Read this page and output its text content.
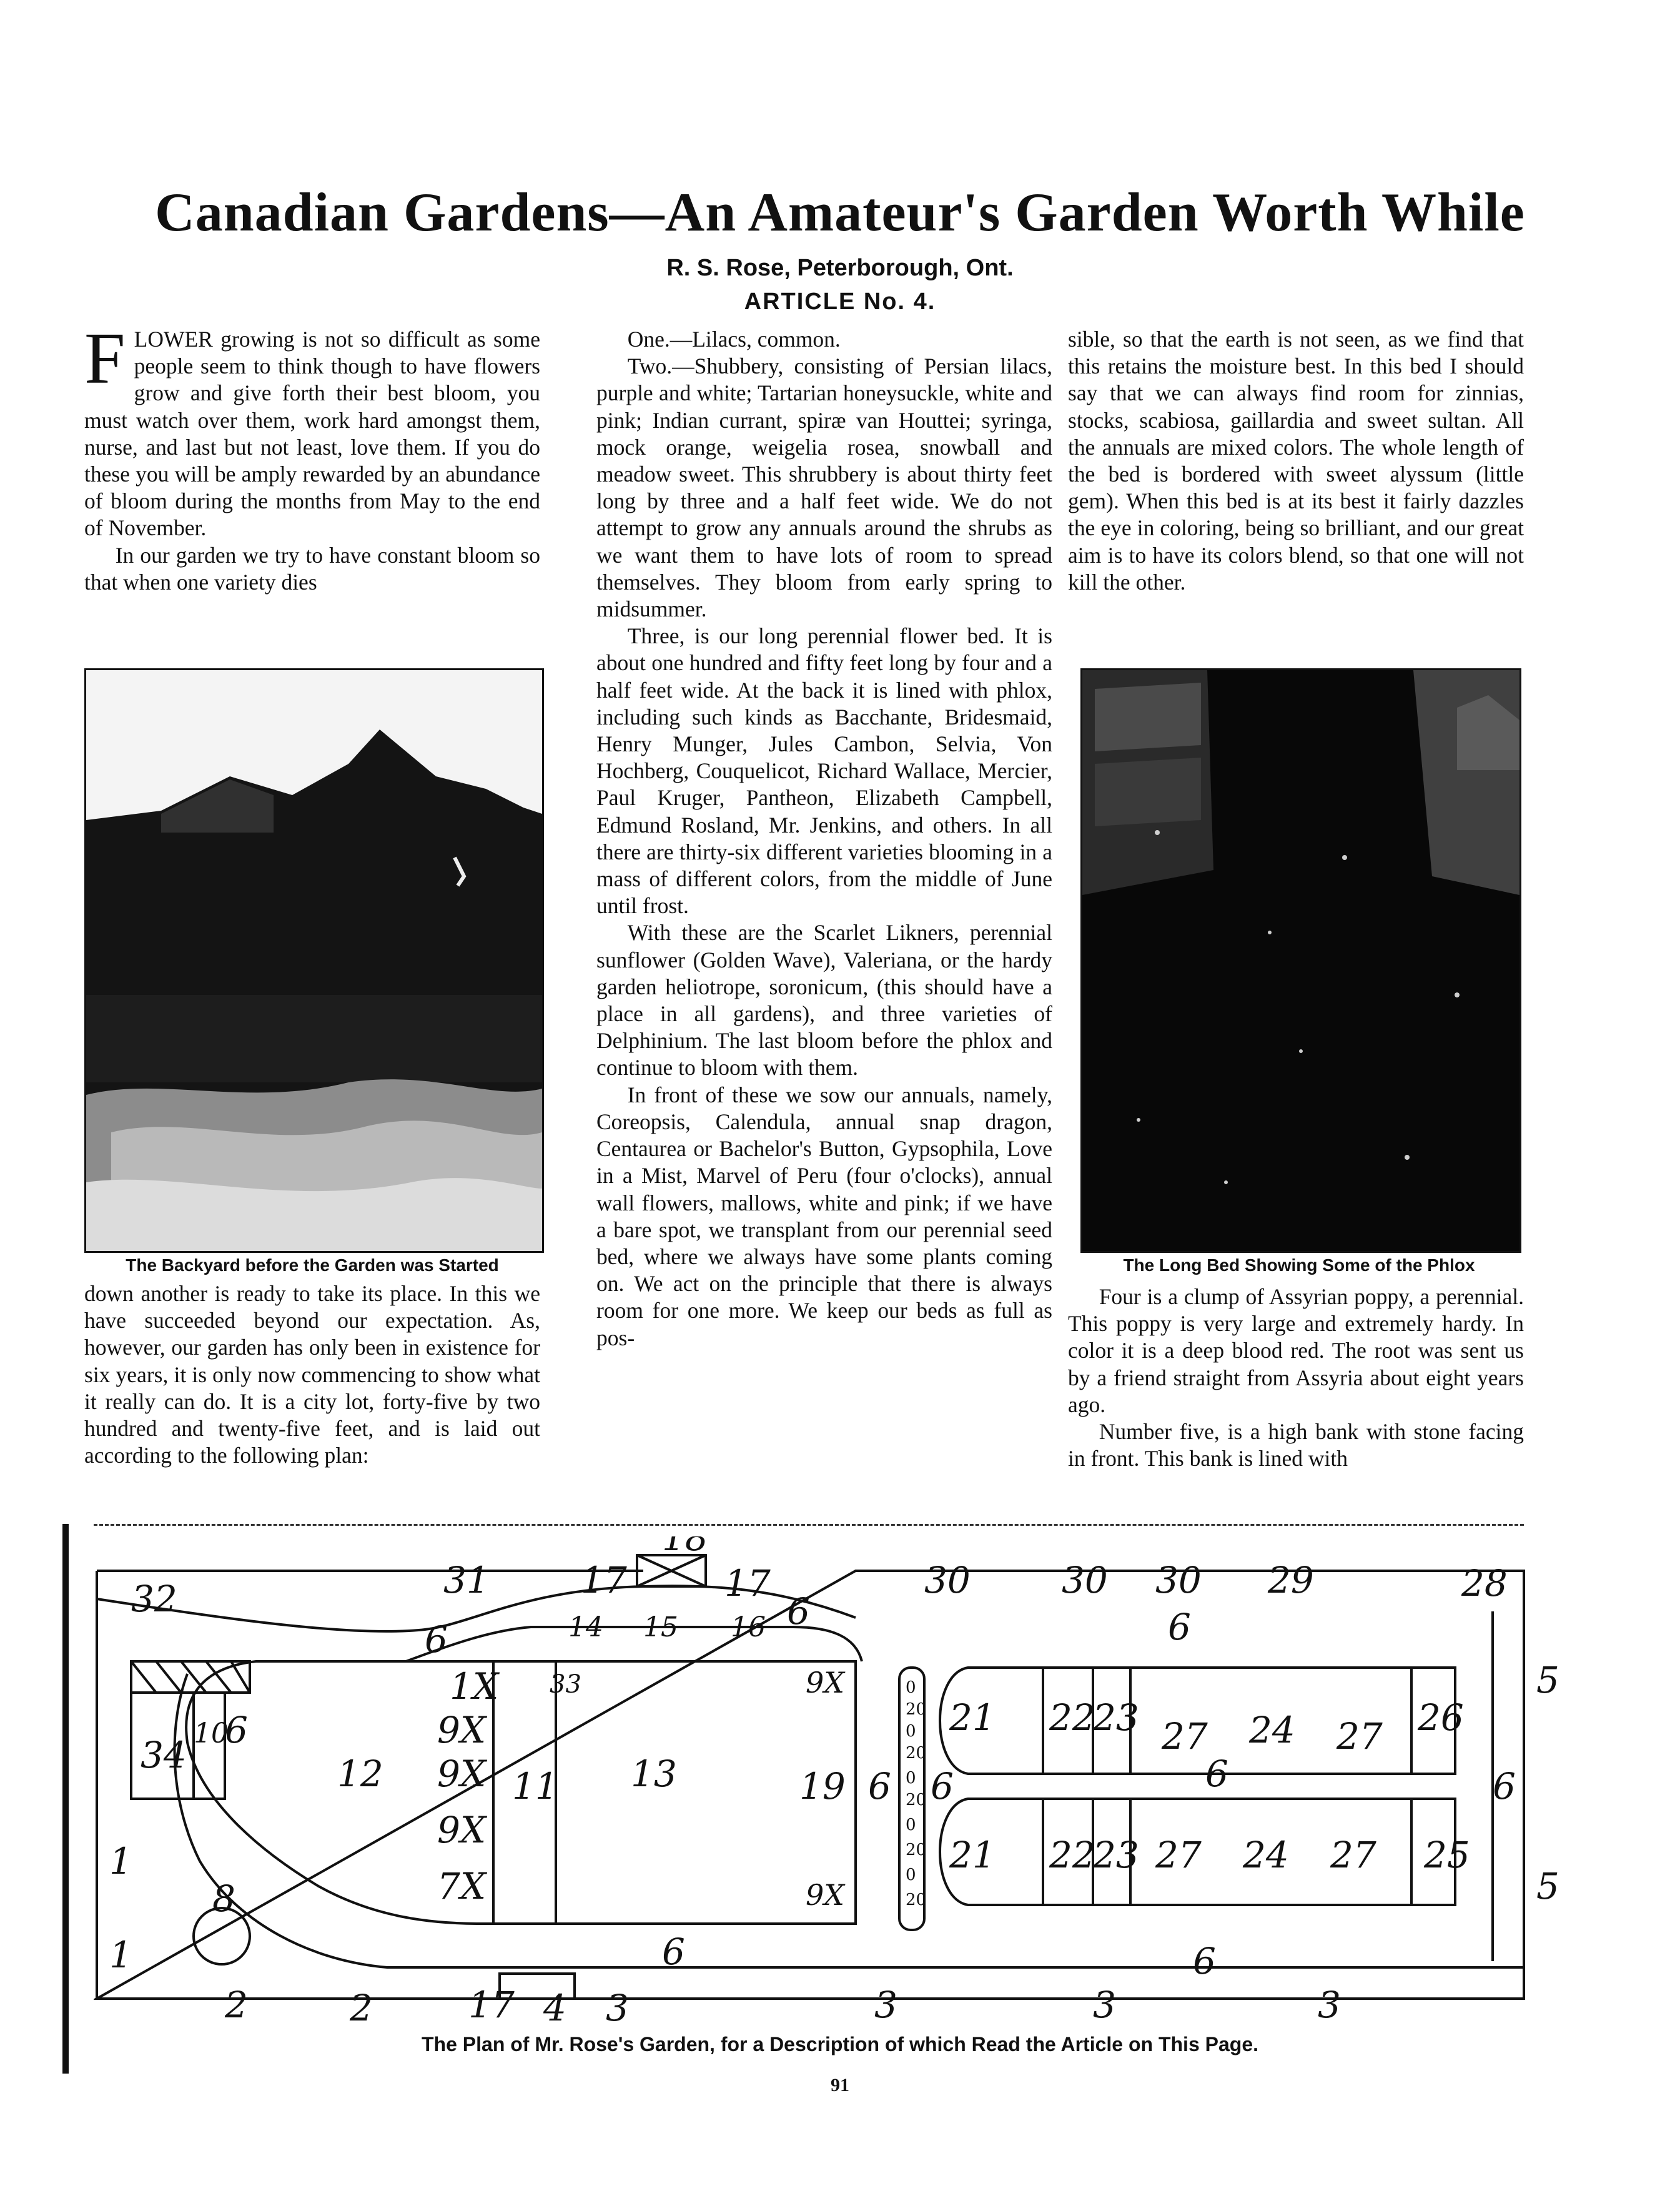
Canadian Gardens—An Amateur's Garden Worth While
R. S. Rose, Peterborough, Ont.
ARTICLE No. 4.

FLOWER growing is not so difficult as some people seem to think though to have flowers grow and give forth their best bloom, you must watch over them, work hard amongst them, nurse, and last but not least, love them. If you do these you will be amply rewarded by an abundance of bloom during the months from May to the end of November.

In our garden we try to have constant bloom so that when one variety dies

The Backyard before the Garden was Started

down another is ready to take its place. In this we have succeeded beyond our expectation. As, however, our garden has only been in existence for six years, it is only now commencing to show what it really can do. It is a city lot, forty-five by two hundred and twenty-five feet, and is laid out according to the following plan:

One.—Lilacs, common.

Two.—Shubbery, consisting of Persian lilacs, purple and white; Tartarian honeysuckle, white and pink; Indian currant, spiræ van Houttei; syringa, mock orange, weigelia rosea, snowball and meadow sweet. This shrubbery is about thirty feet long by three and a half feet wide. We do not attempt to grow any annuals around the shrubs as we want them to have lots of room to spread themselves. They bloom from early spring to midsummer.

Three, is our long perennial flower bed. It is about one hundred and fifty feet long by four and a half feet wide. At the back it is lined with phlox, including such kinds as Bacchante, Bridesmaid, Henry Munger, Jules Cambon, Selvia, Von Hochberg, Couquelicot, Richard Wallace, Mercier, Paul Kruger, Pantheon, Elizabeth Campbell, Edmund Rosland, Mr. Jenkins, and others. In all there are thirty-six different varieties blooming in a mass of different colors, from the middle of June until frost.

With these are the Scarlet Likners, perennial sunflower (Golden Wave), Valeriana, or the hardy garden heliotrope, soronicum, (this should have a place in all gardens), and three varieties of Delphinium. The last bloom before the phlox and continue to bloom with them.

In front of these we sow our annuals, namely, Coreopsis, Calendula, annual snap dragon, Centaurea or Bachelor's Button, Gypsophila, Love in a Mist, Marvel of Peru (four o'clocks), annual wall flowers, mallows, white and pink; if we have a bare spot, we transplant from our perennial seed bed, where we always have some plants coming on. We act on the principle that there is always room for one more. We keep our beds as full as pos-

sible, so that the earth is not seen, as we find that this retains the moisture best. In this bed I should say that we can always find room for zinnias, stocks, scabiosa, gaillardia and sweet sultan. All the annuals are mixed colors. The whole length of the bed is bordered with sweet alyssum (little gem). When this bed is at its best it fairly dazzles the eye in coloring, being so brilliant, and our great aim is to have its colors blend, so that one will not kill the other.

The Long Bed Showing Some of the Phlox

Four is a clump of Assyrian poppy, a perennial. This poppy is very large and extremely hardy. In color it is a deep blood red. The root was sent us by a friend straight from Assyria about eight years ago.

Number five, is a high bank with stone facing in front. This bank is lined with

18
31	17	17	30	30 30 29	28
32
6	6
14 15 16 6
1X
9X
9X
9X
7X
9X
9X
33
12	11 13	19 6
10
6
34
21 22
23 27 24 27 26
6
21 22
23 27 24 27 25
6
5
6
5
8
1
1
2	2	17 4 3	3	3	3
6	6
0
20
0
20
0
20
0
20
0
20
The Plan of Mr. Rose's Garden, for a Description of which Read the Article on This Page.
91
